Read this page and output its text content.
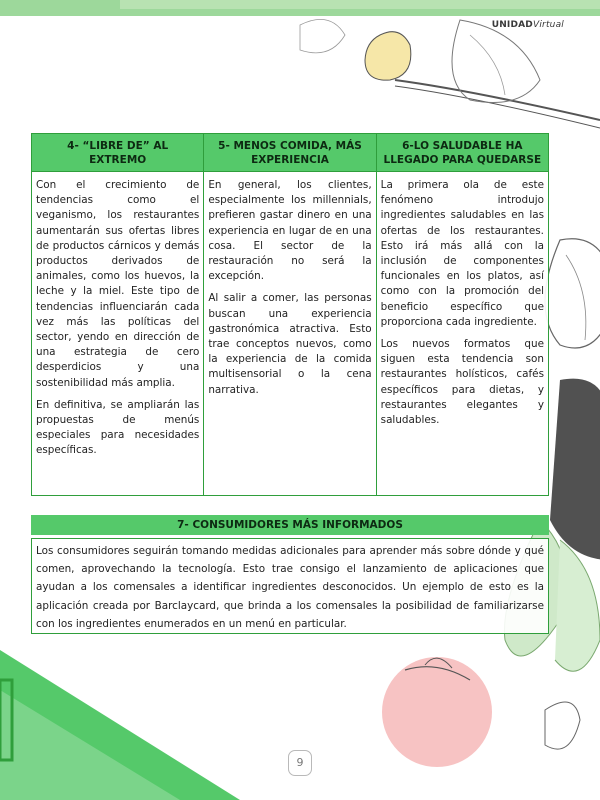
UNIDADVirtual
4- “LIBRE DE” AL EXTREMO

Con el crecimiento de tendencias como el veganismo, los restaurantes aumentarán sus ofertas libres de productos cárnicos y demás productos derivados de animales, como los huevos, la leche y la miel. Este tipo de tendencias influenciarán cada vez más las políticas del sector, yendo en dirección de una estrategia de cero desperdicios y una sostenibilidad más amplia.

En definitiva, se ampliarán las propuestas de menús especiales para necesidades específicas.

5- MENOS COMIDA, MÁS EXPERIENCIA

En general, los clientes, especialmente los millennials, prefieren gastar dinero en una experiencia en lugar de en una cosa. El sector de la restauración no será la excepción.

Al salir a comer, las personas buscan una experiencia gastronómica atractiva. Esto trae conceptos nuevos, como la experiencia de la comida multisensorial o la cena narrativa.

6-LO SALUDABLE HA LLEGADO PARA QUEDARSE

La primera ola de este fenómeno introdujo ingredientes saludables en las ofertas de los restaurantes. Esto irá más allá con la inclusión de componentes funcionales en los platos, así como con la promoción del beneficio específico que proporciona cada ingrediente.

Los nuevos formatos que siguen esta tendencia son restaurantes holísticos, cafés específicos para dietas, y restaurantes elegantes y saludables.

7- CONSUMIDORES MÁS INFORMADOS

Los consumidores seguirán tomando medidas adicionales para aprender más sobre dónde y qué comen, aprovechando la tecnología. Esto trae consigo el lanzamiento de aplicaciones que ayudan a los comensales a identificar ingredientes desconocidos. Un ejemplo de esto es la aplicación creada por Barclaycard, que brinda a los comensales la posibilidad de familiarizarse con los ingredientes enumerados en un menú en particular.

9
